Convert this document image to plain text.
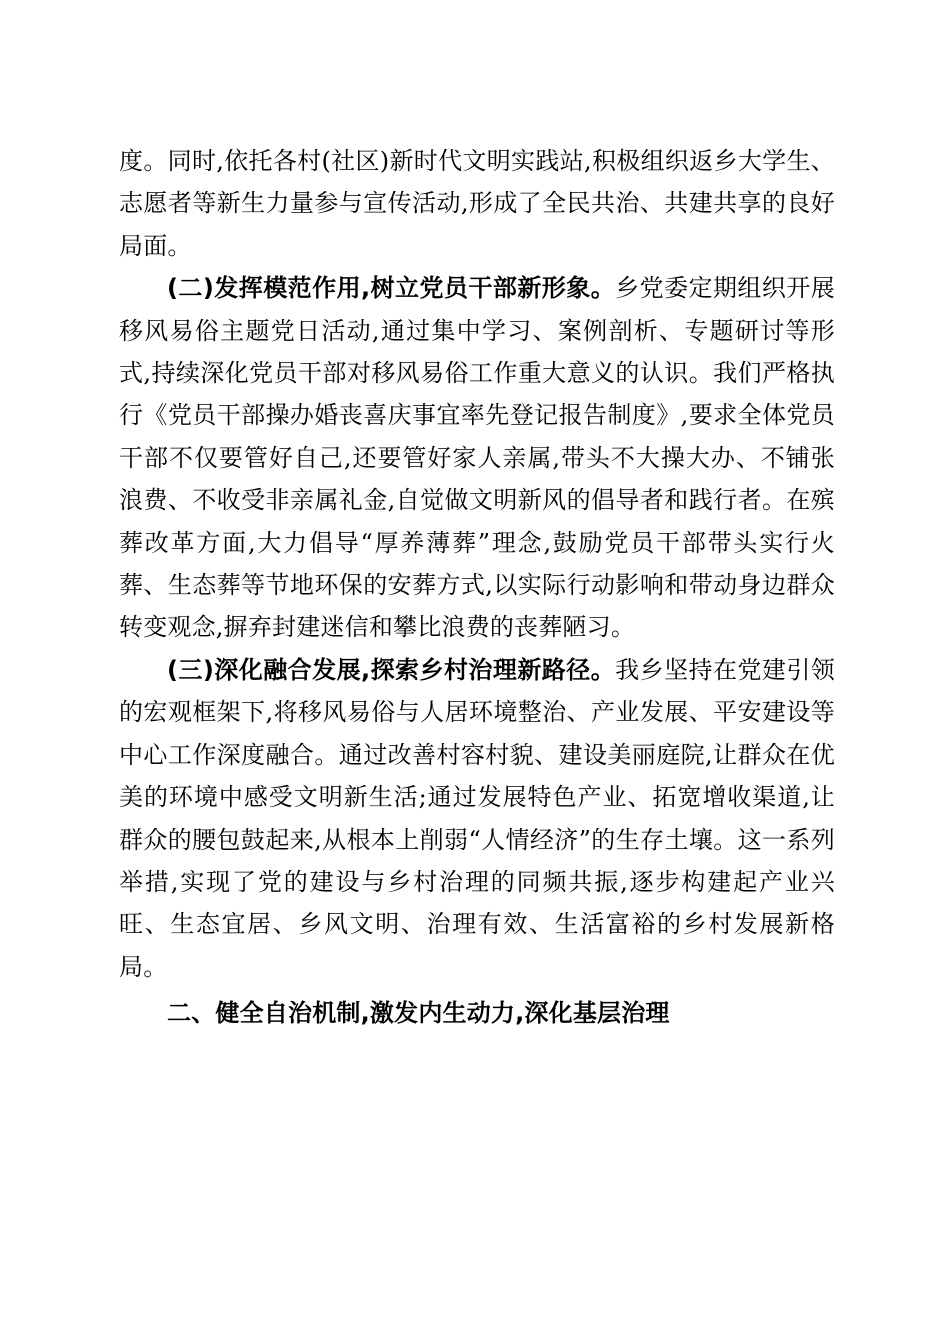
度。同时,依托各村(社区)新时代文明实践站,积极组织返乡大学生、志愿者等新生力量参与宣传活动,形成了全民共治、共建共享的良好局面。

(二)发挥模范作用,树立党员干部新形象。乡党委定期组织开展移风易俗主题党日活动,通过集中学习、案例剖析、专题研讨等形式,持续深化党员干部对移风易俗工作重大意义的认识。我们严格执行《党员干部操办婚丧喜庆事宜率先登记报告制度》,要求全体党员干部不仅要管好自己,还要管好家人亲属,带头不大操大办、不铺张浪费、不收受非亲属礼金,自觉做文明新风的倡导者和践行者。在殡葬改革方面,大力倡导“厚养薄葬”理念,鼓励党员干部带头实行火葬、生态葬等节地环保的安葬方式,以实际行动影响和带动身边群众转变观念,摒弃封建迷信和攀比浪费的丧葬陋习。

(三)深化融合发展,探索乡村治理新路径。我乡坚持在党建引领的宏观框架下,将移风易俗与人居环境整治、产业发展、平安建设等中心工作深度融合。通过改善村容村貌、建设美丽庭院,让群众在优美的环境中感受文明新生活;通过发展特色产业、拓宽增收渠道,让群众的腰包鼓起来,从根本上削弱“人情经济”的生存土壤。这一系列举措,实现了党的建设与乡村治理的同频共振,逐步构建起产业兴旺、生态宜居、乡风文明、治理有效、生活富裕的乡村发展新格局。

二、健全自治机制,激发内生动力,深化基层治理
